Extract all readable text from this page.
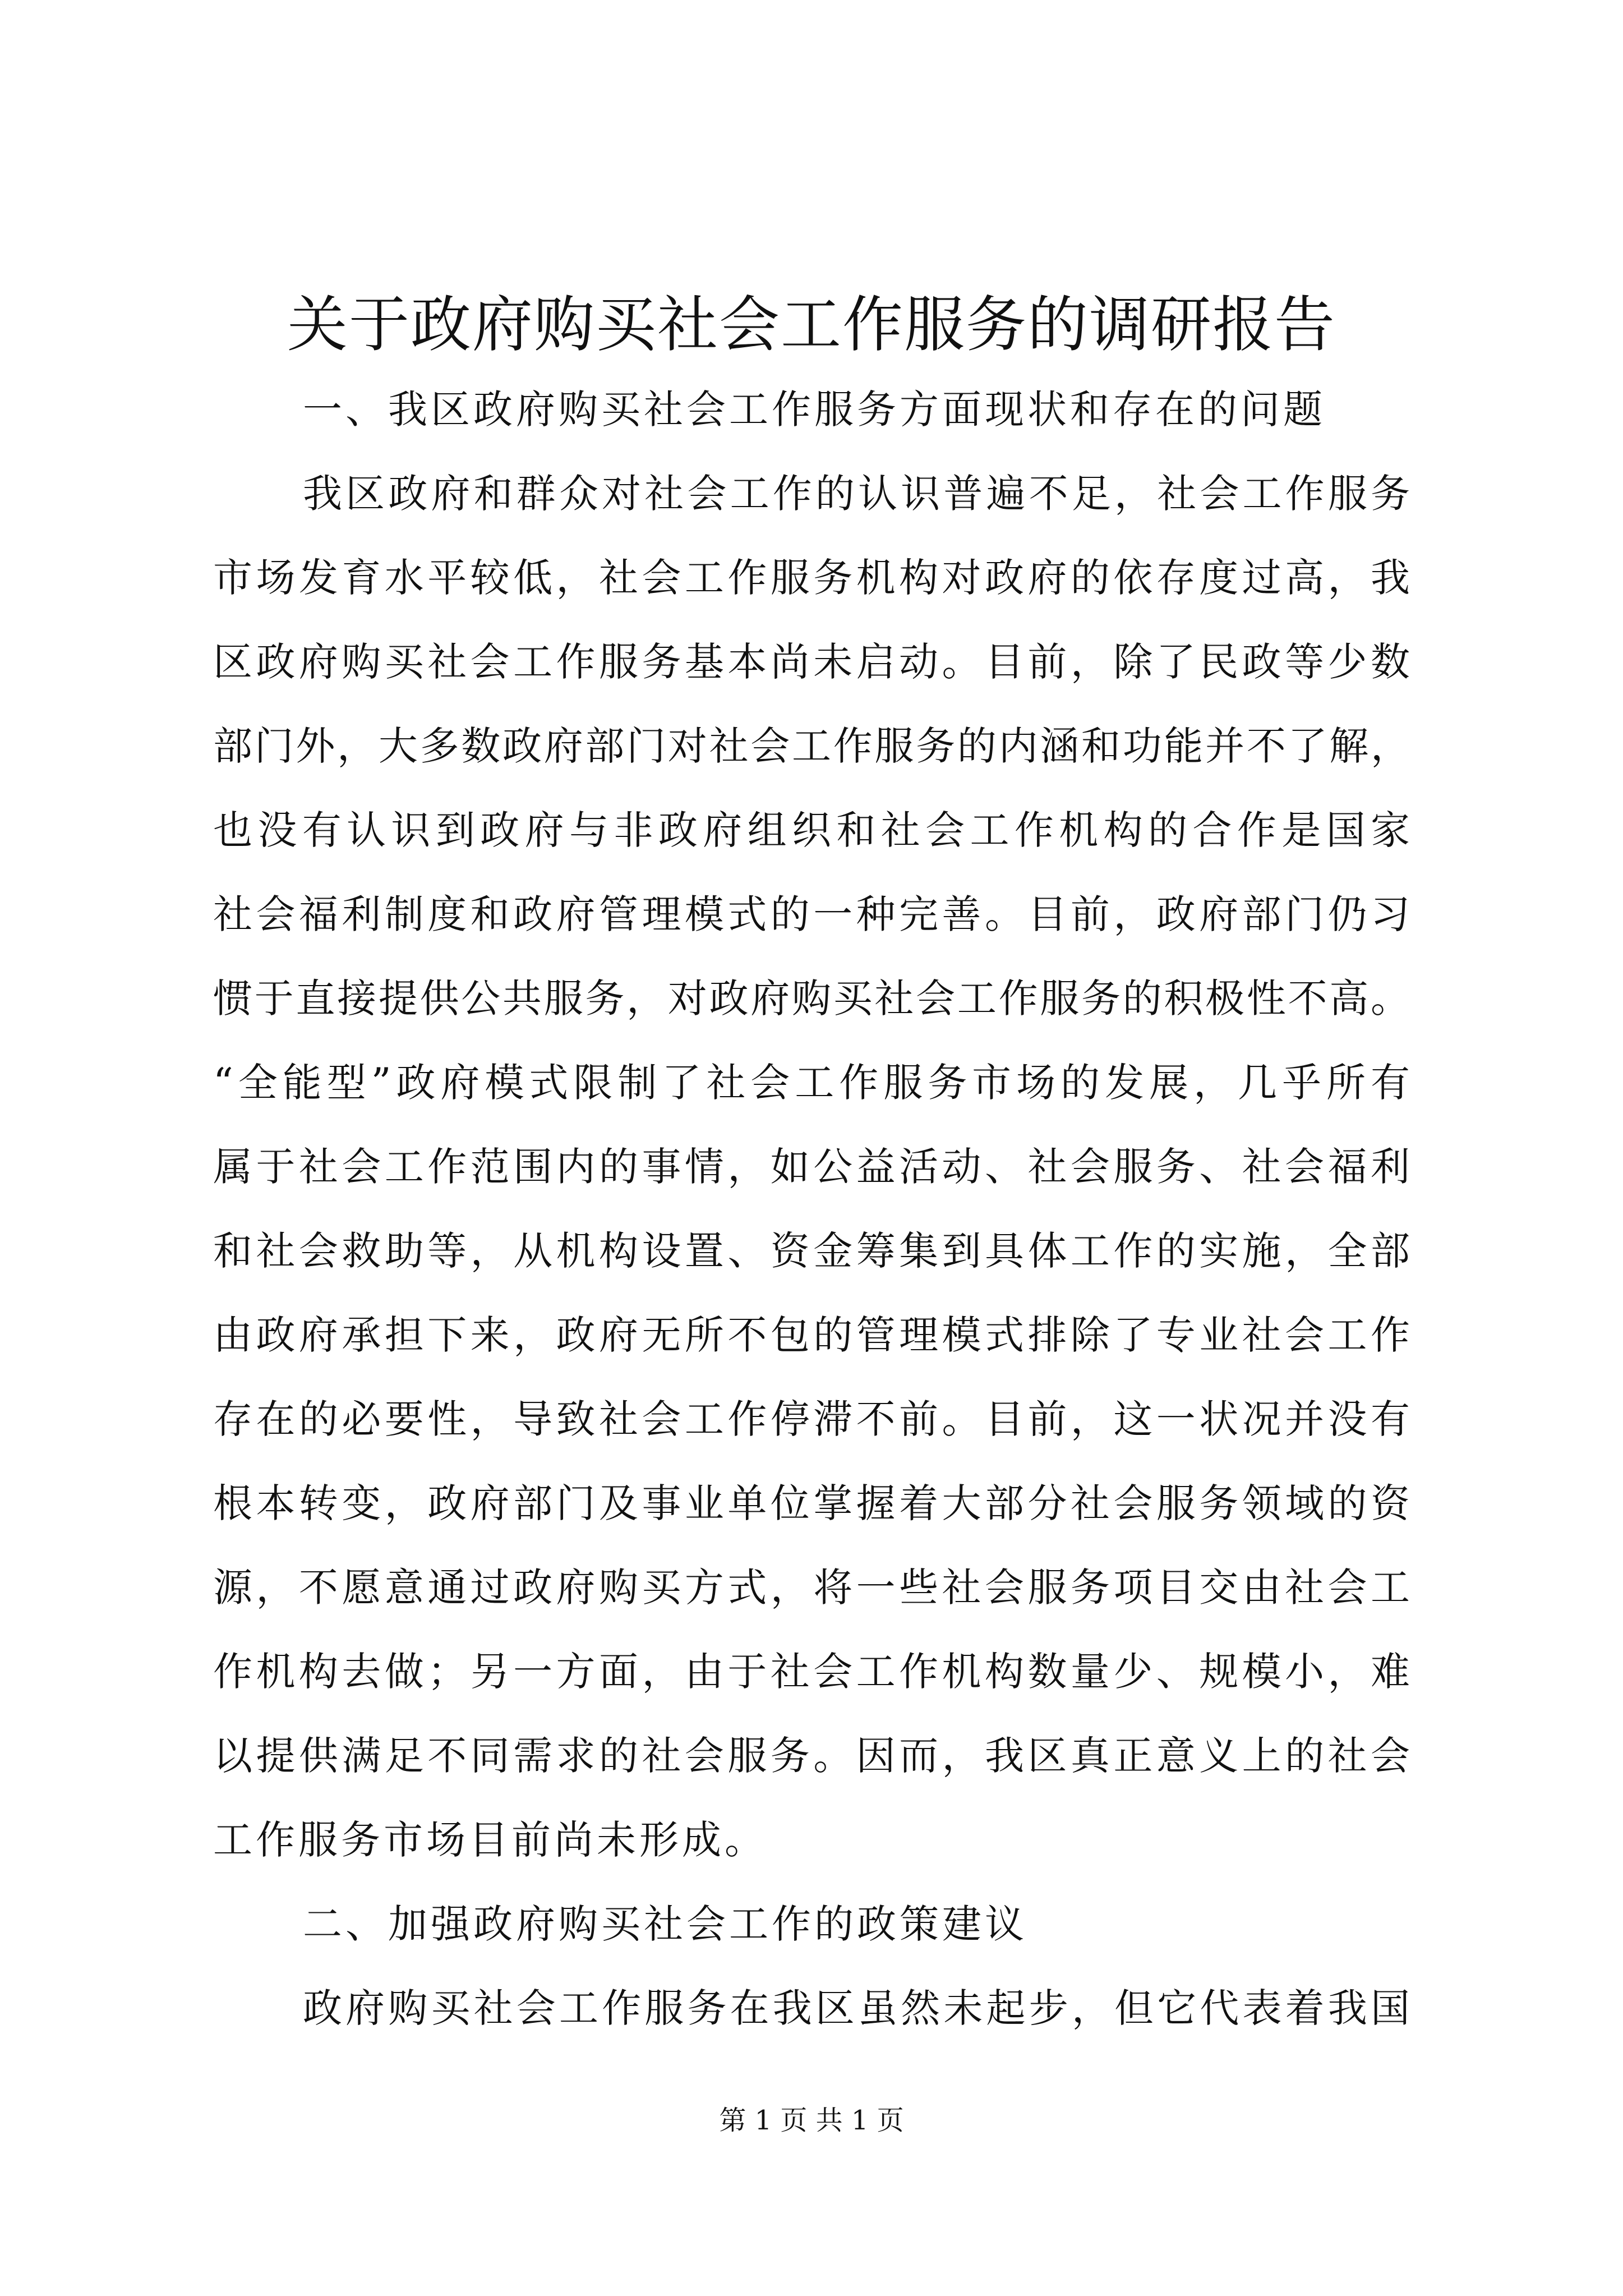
关于政府购买社会工作服务的调研报告
一、我区政府购买社会工作服务方面现状和存在的问题
我区政府和群众对社会工作的认识普遍不足，社会工作服务
市场发育水平较低，社会工作服务机构对政府的依存度过高，我
区政府购买社会工作服务基本尚未启动。目前，除了民政等少数
部门外，大多数政府部门对社会工作服务的内涵和功能并不了解，
也没有认识到政府与非政府组织和社会工作机构的合作是国家
社会福利制度和政府管理模式的一种完善。目前，政府部门仍习
惯于直接提供公共服务，对政府购买社会工作服务的积极性不高。
“全能型”政府模式限制了社会工作服务市场的发展，几乎所有
属于社会工作范围内的事情，如公益活动、社会服务、社会福利
和社会救助等，从机构设置、资金筹集到具体工作的实施，全部
由政府承担下来，政府无所不包的管理模式排除了专业社会工作
存在的必要性，导致社会工作停滞不前。目前，这一状况并没有
根本转变，政府部门及事业单位掌握着大部分社会服务领域的资
源，不愿意通过政府购买方式，将一些社会服务项目交由社会工
作机构去做；另一方面，由于社会工作机构数量少、规模小，难
以提供满足不同需求的社会服务。因而，我区真正意义上的社会
工作服务市场目前尚未形成。
二、加强政府购买社会工作的政策建议
政府购买社会工作服务在我区虽然未起步，但它代表着我国
第 1 页 共 1 页
